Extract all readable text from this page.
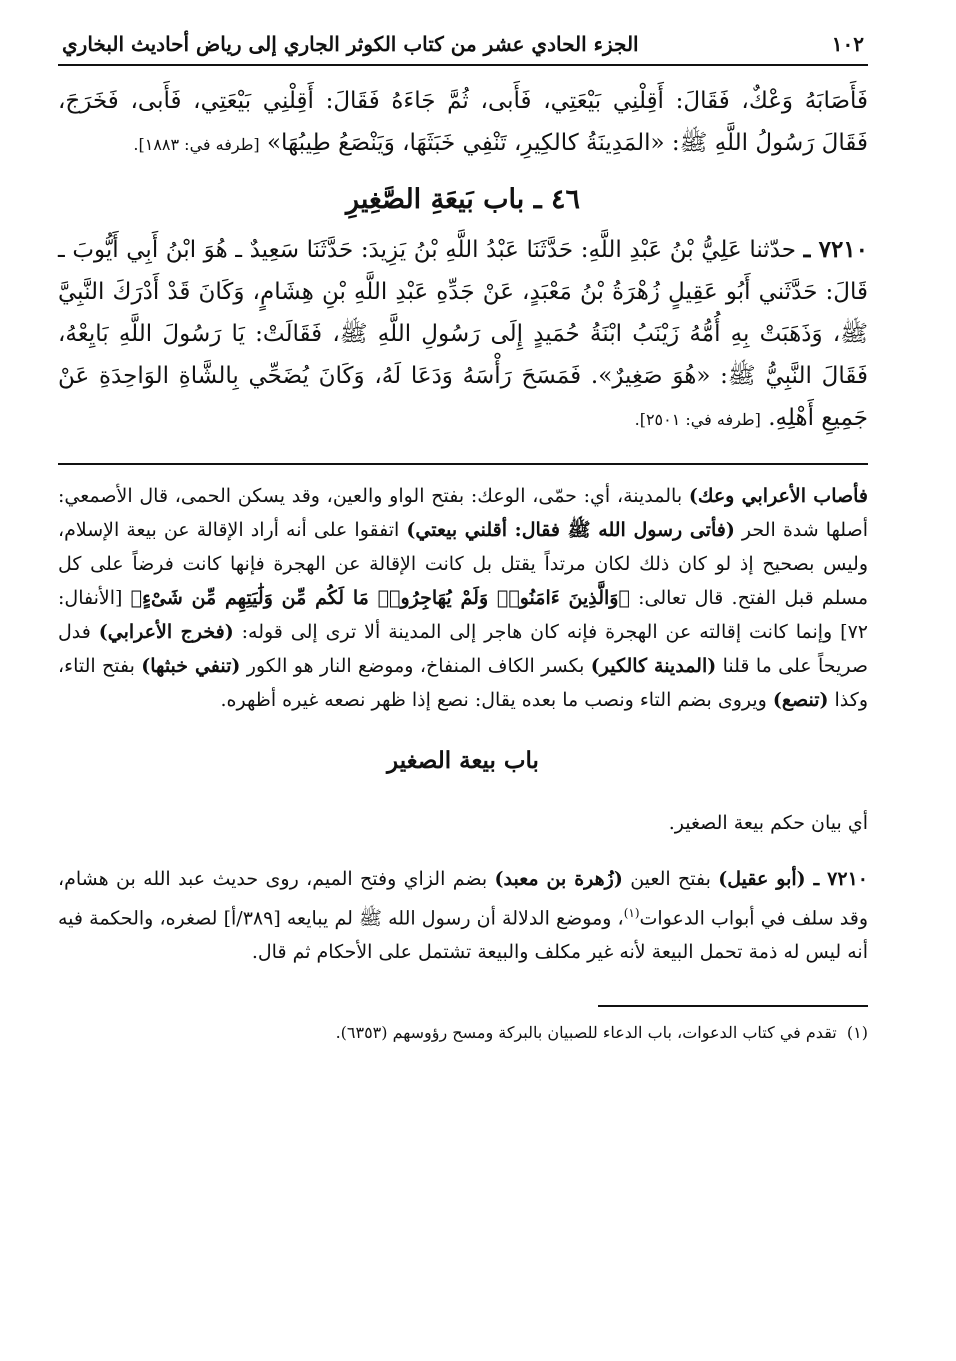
١٠٢
الجزء الحادي عشر من كتاب الكوثر الجاري إلى رياض أحاديث البخاري

فَأَصَابَهُ وَعْكٌ، فَقَالَ: أَقِلْنِي بَيْعَتِي، فَأَبى، ثُمَّ جَاءَهُ فَقَالَ: أَقِلْنِي بَيْعَتِي، فَأَبى، فَخَرَجَ، فَقَالَ رَسُولُ اللَّهِ ﷺ: «المَدِينَةُ كالكِيرِ، تَنْفِي خَبَثَهَا، وَيَنْصَعُ طِيبُهَا» [طرفه في: ١٨٨٣].

٤٦ ـ باب بَيعَةِ الصَّغِيرِ

٧٢١٠ ـ حدّثنا عَلِيُّ بْنُ عَبْدِ اللَّهِ: حَدَّثَنَا عَبْدُ اللَّهِ بْنُ يَزِيدَ: حَدَّثَنَا سَعِيدٌ ـ هُوَ ابْنُ أَبِي أَيُّوبَ ـ قَالَ: حَدَّثَني أَبُو عَقِيلٍ زُهْرَةُ بْنُ مَعْبَدٍ، عَنْ جَدِّهِ عَبْدِ اللَّهِ بْنِ هِشَامٍ، وَكَانَ قَدْ أَدْرَكَ النَّبِيَّ ﷺ، وَذَهَبَتْ بِهِ أُمُّهُ زَيْنَبُ ابْنَةُ حُمَيدٍ إِلَى رَسُولِ اللَّهِ ﷺ، فَقَالَتْ: يَا رَسُولَ اللَّهِ بَايِعْهُ، فَقَالَ النَّبِيُّ ﷺ: «هُوَ صَغِيرٌ». فَمَسَحَ رَأْسَهُ وَدَعَا لَهُ، وَكَانَ يُضَحِّي بِالشَّاةِ الوَاحِدَةِ عَنْ جَمِيعِ أَهْلِهِ. [طرفه في: ٢٥٠١].

فأصاب الأعرابي وعك) بالمدينة، أي: حمّى، الوعك: بفتح الواو والعين، وقد يسكن الحمى، قال الأصمعي: أصلها شدة الحر (فأتى رسول الله ﷺ فقال: أقلني بيعتي) اتفقوا على أنه أراد الإقالة عن بيعة الإسلام، وليس بصحيح إذ لو كان ذلك لكان مرتداً يقتل بل كانت الإقالة عن الهجرة فإنها كانت فرضاً على كل مسلم قبل الفتح. قال تعالى: ﴿وَالَّذِينَ ءَامَنُوا۟ وَلَمْ يُهَاجِرُوا۟ مَا لَكُم مِّن وَلَٰيَتِهِم مِّن شَىْءٍ﴾ [الأنفال: ٧٢] وإنما كانت إقالته عن الهجرة فإنه كان هاجر إلى المدينة ألا ترى إلى قوله: (فخرج الأعرابي) فدل صريحاً على ما قلنا (المدينة كالكير) بكسر الكاف المنفاخ، وموضع النار هو الكور (تنفي خبثها) بفتح التاء، وكذا (تنصع) ويروى بضم التاء ونصب ما بعده يقال: نصع إذا ظهر نصعه غيره أظهره.

باب بيعة الصغير

أي بيان حكم بيعة الصغير.

٧٢١٠ ـ (أبو عقيل) بفتح العين (زُهرة بن معبد) بضم الزاي وفتح الميم، روى حديث عبد الله بن هشام، وقد سلف في أبواب الدعوات$^{(١)}$، وموضع الدلالة أن رسول الله ﷺ لم يبايعه [٣٨٩/أ] لصغره، والحكمة فيه أنه ليس له ذمة تحمل البيعة لأنه غير مكلف والبيعة تشتمل على الأحكام ثم قال.

(١)  تقدم في كتاب الدعوات، باب الدعاء للصبيان بالبركة ومسح رؤوسهم (٦٣٥٣).
